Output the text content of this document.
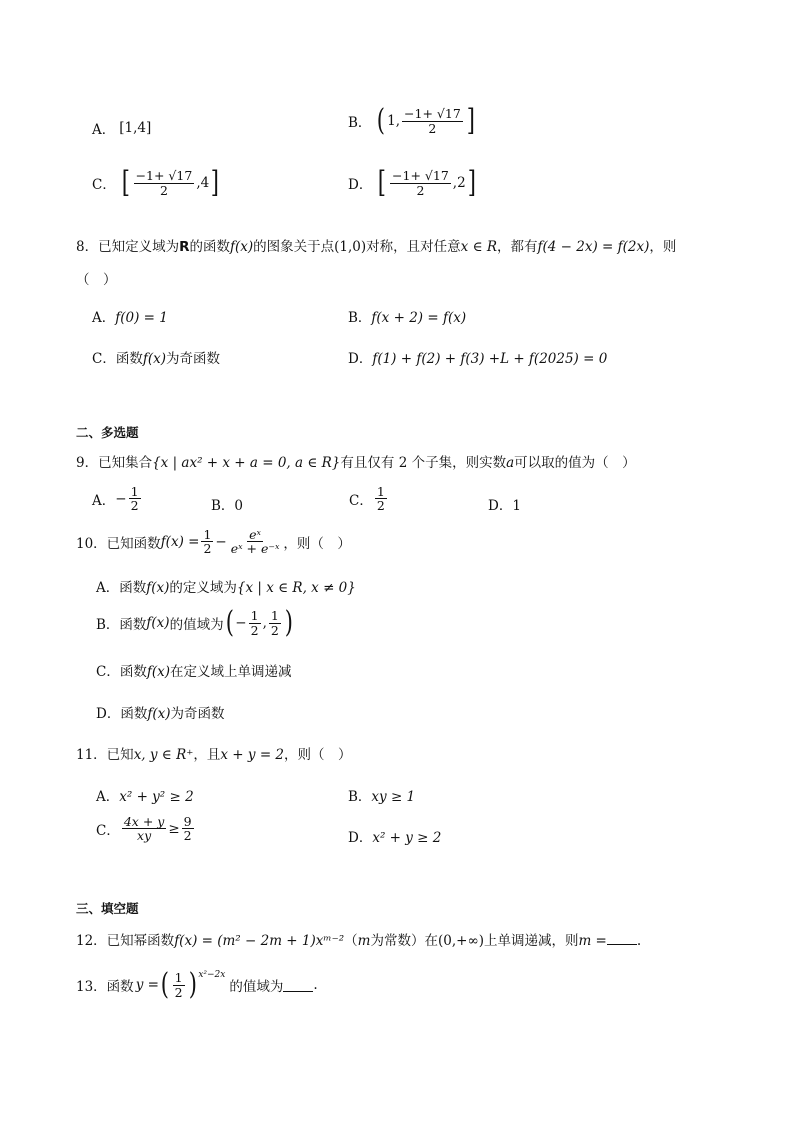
A． [1,4]	B． ( 1, $\frac{-1+ √17}{2}$ ]
C． [ $\frac{-1+ √17}{2} ,4$ ]	D． [ $\frac{-1+ √17}{2} ,2$ ]
8．已知定义域为R的函数f(x)的图象关于点(1,0)对称，且对任意x ∈ R，都有f(4 − 2x) = f(2x)，则
（　）
A．f(0) = 1	B．f(x + 2) = f(x)
C．函数f(x)为奇函数	D．f(1) + f(2) + f(3) +L + f(2025) = 0
二、多选题
9．已知集合{x | ax² + x + a = 0, a ∈ R}有且仅有 2 个子集，则实数a可以取的值为（　）
A． − $\frac{1}{2}$	B．0	C． $\frac{1}{2}$	D．1
10．已知函数 $f(x) = \frac{1}{2} - \frac{\text{eˣ}}{\text{eˣ + e⁻ˣ}}$ ，则（　）
A．函数f(x)的定义域为{x | x ∈ R, x ≠ 0}
B． 函数 f(x) 的值域为 ( − $\frac{1}{2}$ , $\frac{1}{2}$ )
C．函数f(x)在定义域上单调递减
D．函数f(x)为奇函数
11．已知x, y ∈ R⁺，且x + y = 2，则（　）
A．x² + y² ≥ 2	B．xy ≥ 1
C． $\frac{4x + y}{xy} \ge \frac{9}{2}$	D．x² + y ≥ 2
三、填空题
12．已知幂函数f(x) = (m² − 2m + 1)xᵐ⁻²（m为常数）在(0,+∞)上单调递减，则m = .
13．函数 y = ( $\frac{1}{2} )^{x^2-2x}$
的值域为 .
